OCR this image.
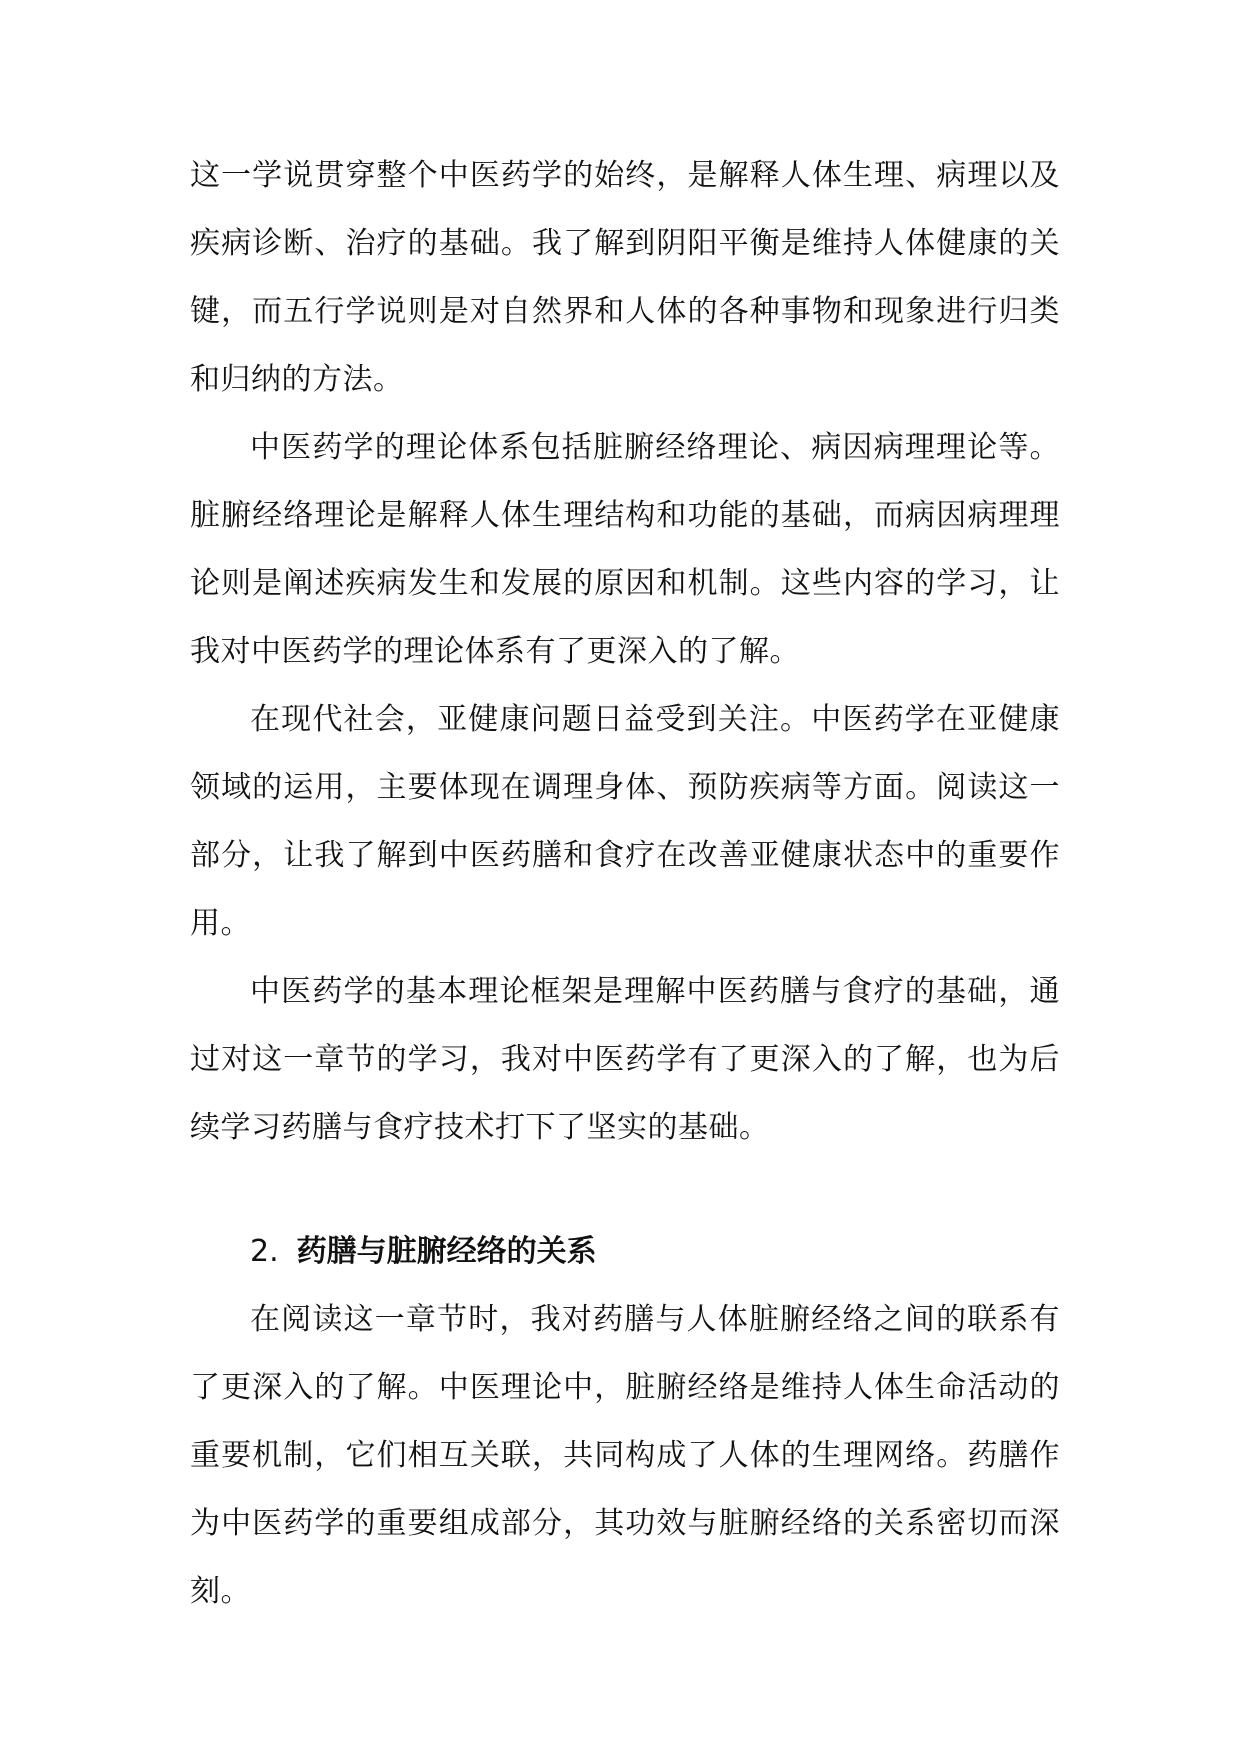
这一学说贯穿整个中医药学的始终，是解释人体生理、病理以及疾病诊断、治疗的基础。我了解到阴阳平衡是维持人体健康的关键，而五行学说则是对自然界和人体的各种事物和现象进行归类和归纳的方法。

中医药学的理论体系包括脏腑经络理论、病因病理理论等。脏腑经络理论是解释人体生理结构和功能的基础，而病因病理理论则是阐述疾病发生和发展的原因和机制。这些内容的学习，让我对中医药学的理论体系有了更深入的了解。

在现代社会，亚健康问题日益受到关注。中医药学在亚健康领域的运用，主要体现在调理身体、预防疾病等方面。阅读这一部分，让我了解到中医药膳和食疗在改善亚健康状态中的重要作用。

中医药学的基本理论框架是理解中医药膳与食疗的基础，通过对这一章节的学习，我对中医药学有了更深入的了解，也为后续学习药膳与食疗技术打下了坚实的基础。

2. 药膳与脏腑经络的关系

在阅读这一章节时，我对药膳与人体脏腑经络之间的联系有了更深入的了解。中医理论中，脏腑经络是维持人体生命活动的重要机制，它们相互关联，共同构成了人体的生理网络。药膳作为中医药学的重要组成部分，其功效与脏腑经络的关系密切而深刻。
